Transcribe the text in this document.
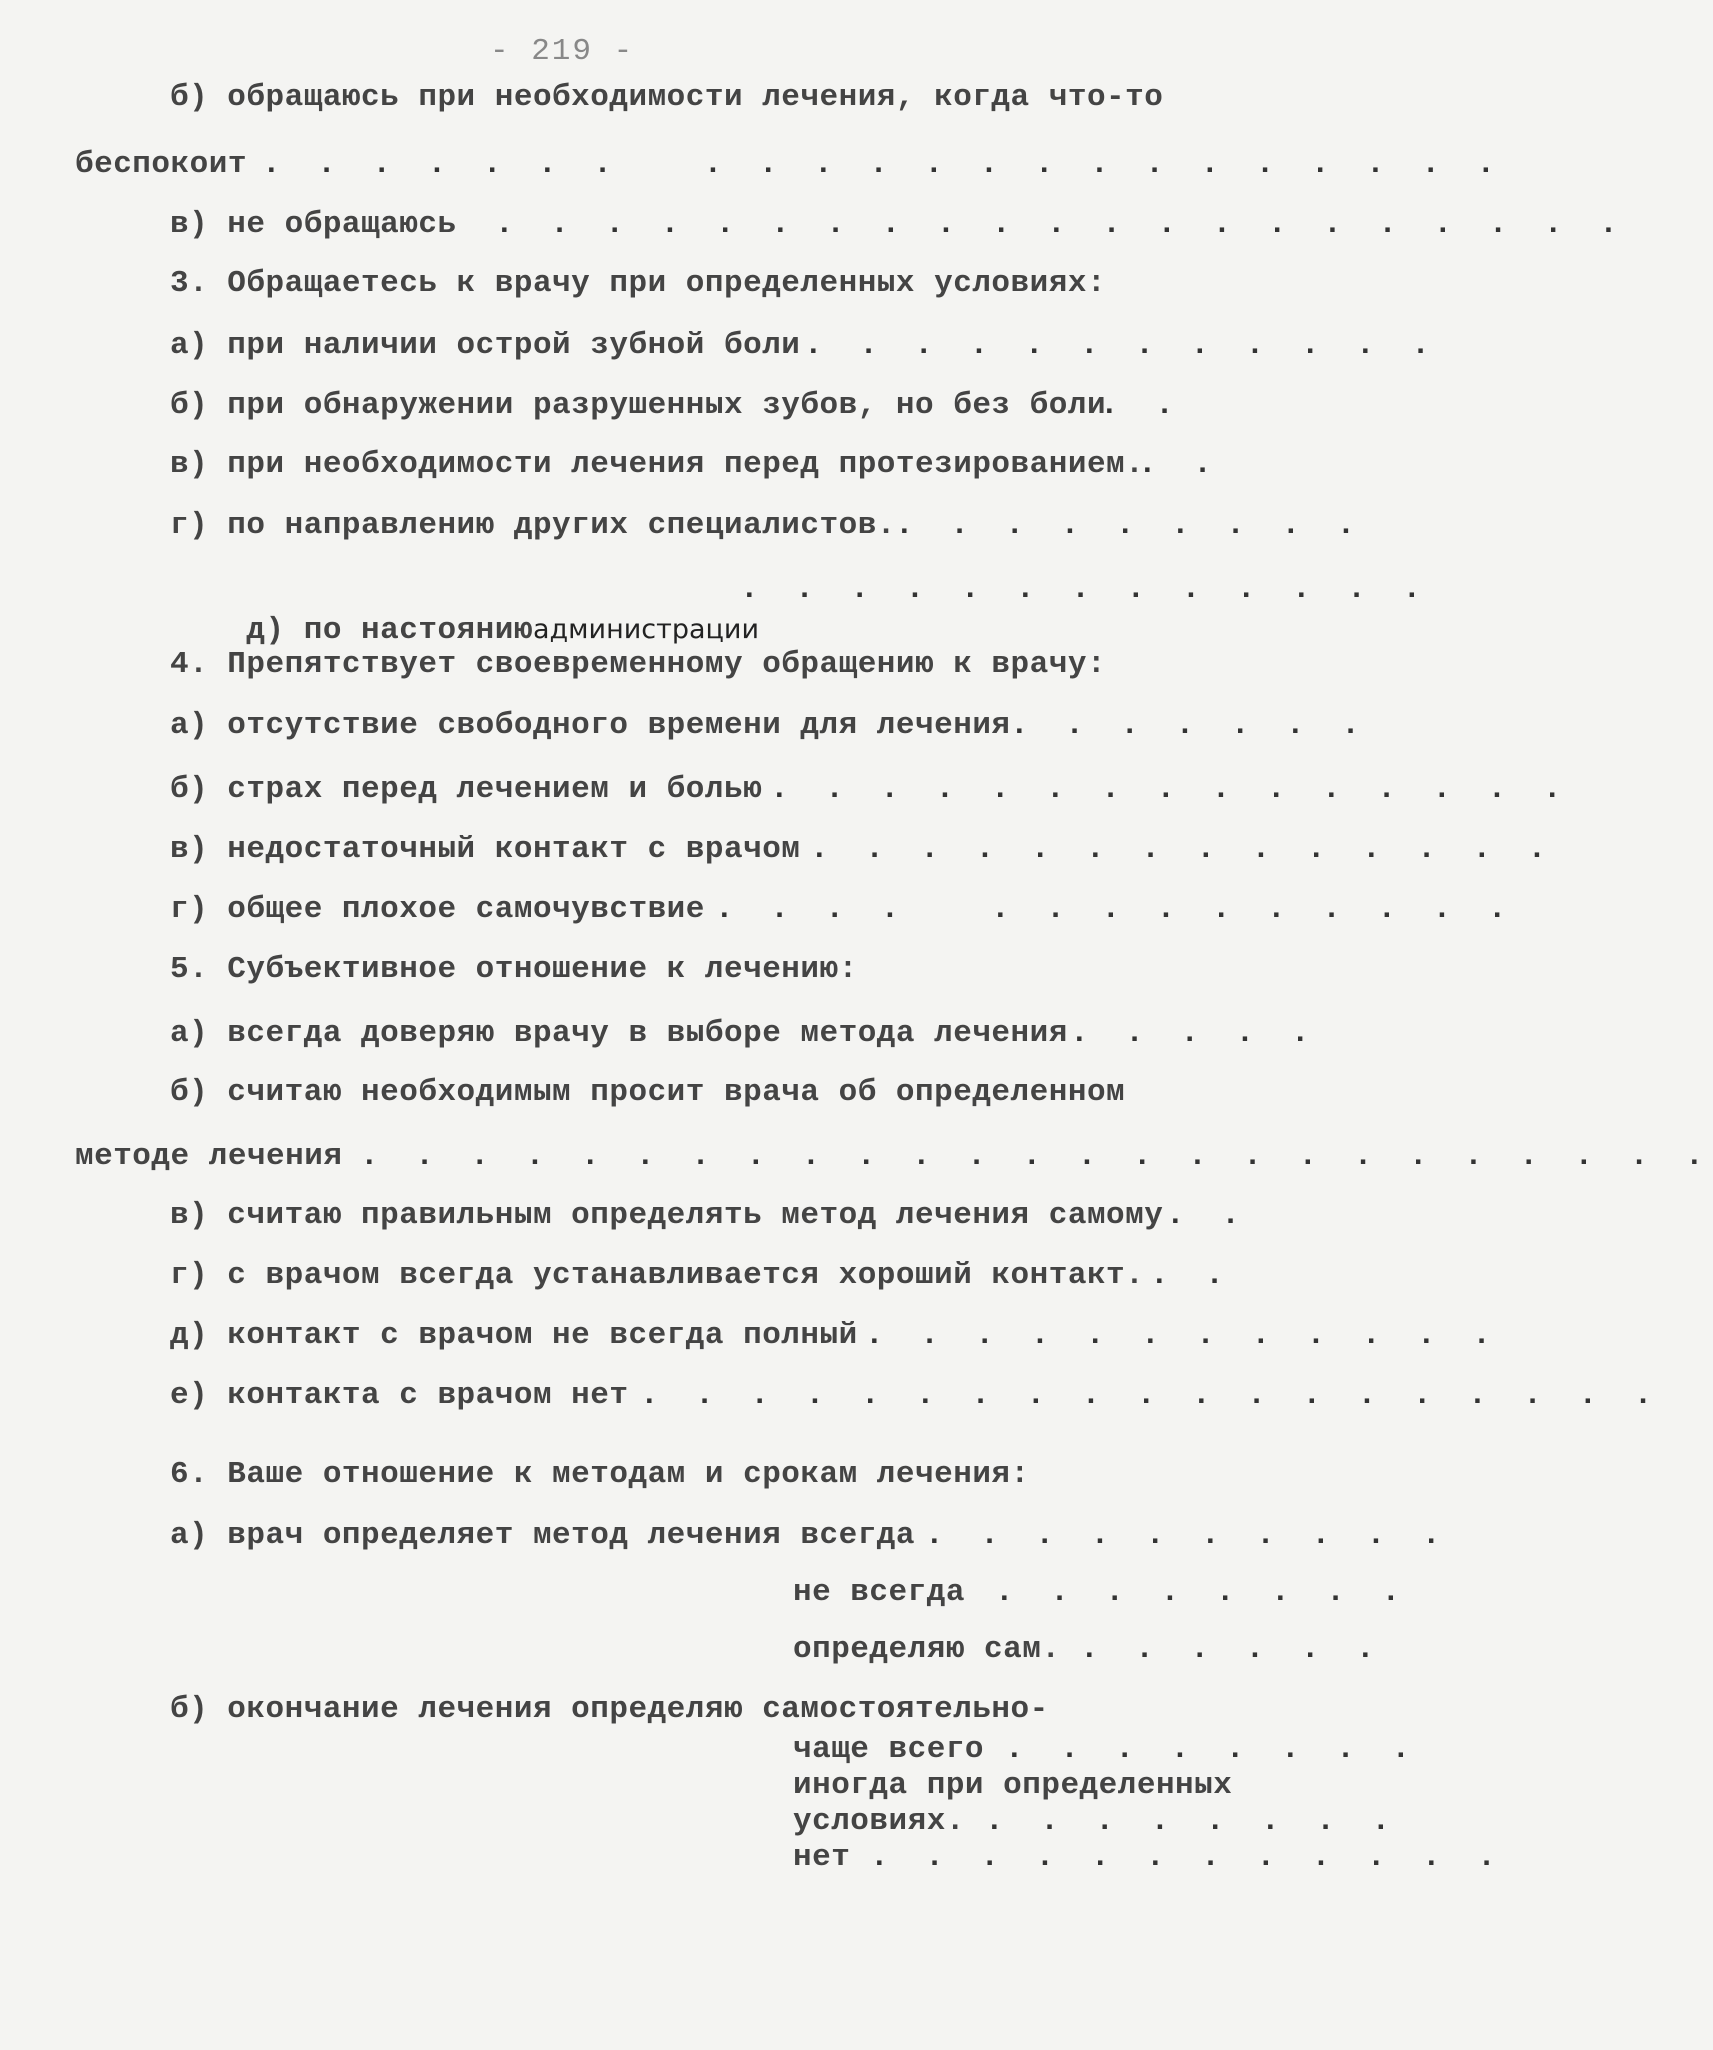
- 219 -
б) обращаюсь при необходимости лечения, когда что-то
беспокоит . . . . . . .   . . . . . . . . . . . . . . .
в) не обращаюсь . . . . . . . . . . . . . . . . . . . . .
3. Обращаетесь к врачу при определенных условиях:
а) при наличии острой зубной боли . . . . . . . . . . . .
б) при обнаружении разрушенных зубов, но без боли
. .
в) при необходимости лечения перед протезированием.
. .
г) по направлению других специалистов. . . . . . . . . .

д) по настояниюадминистрации

. . . . . . . . . . . . .
4. Препятствует своевременному обращению к врачу:
а) отсутствие свободного времени для лечения . . . . . . .
б) страх перед лечением и болью . . . . . . . . . . . . . . .
в) недостаточный контакт с врачом . . . . . . . . . . . . . .
г) общее плохое самочувствие . . . .   . . . . . . . . . .
5. Субъективное отношение к лечению:
а) всегда доверяю врачу в выборе метода лечения . . . . .
б) считаю необходимым просит врача об определенном
методе лечения . . . . . . . . . . . . . . . . . . . . . . . . .
в) считаю правильным определять метод лечения самому . .
г) с врачом всегда устанавливается хороший контакт. . .
д) контакт с врачом не всегда полный . . . . . . . . . . . .
е) контакта с врачом нет . . . . . . . . . . . . . . . . . . .
6. Ваше отношение к методам и срокам лечения:
а) врач определяет метод лечения всегда . . . . . . . . . .
не всегда . . . . . . . .
определяю сам. . . . . . .
б) окончание лечения определяю самостоятельно-
чаще всего . . . . . . . .
иногда при определенных
условиях. . . . . . . . .
нет . . . . . . . . . . . .
